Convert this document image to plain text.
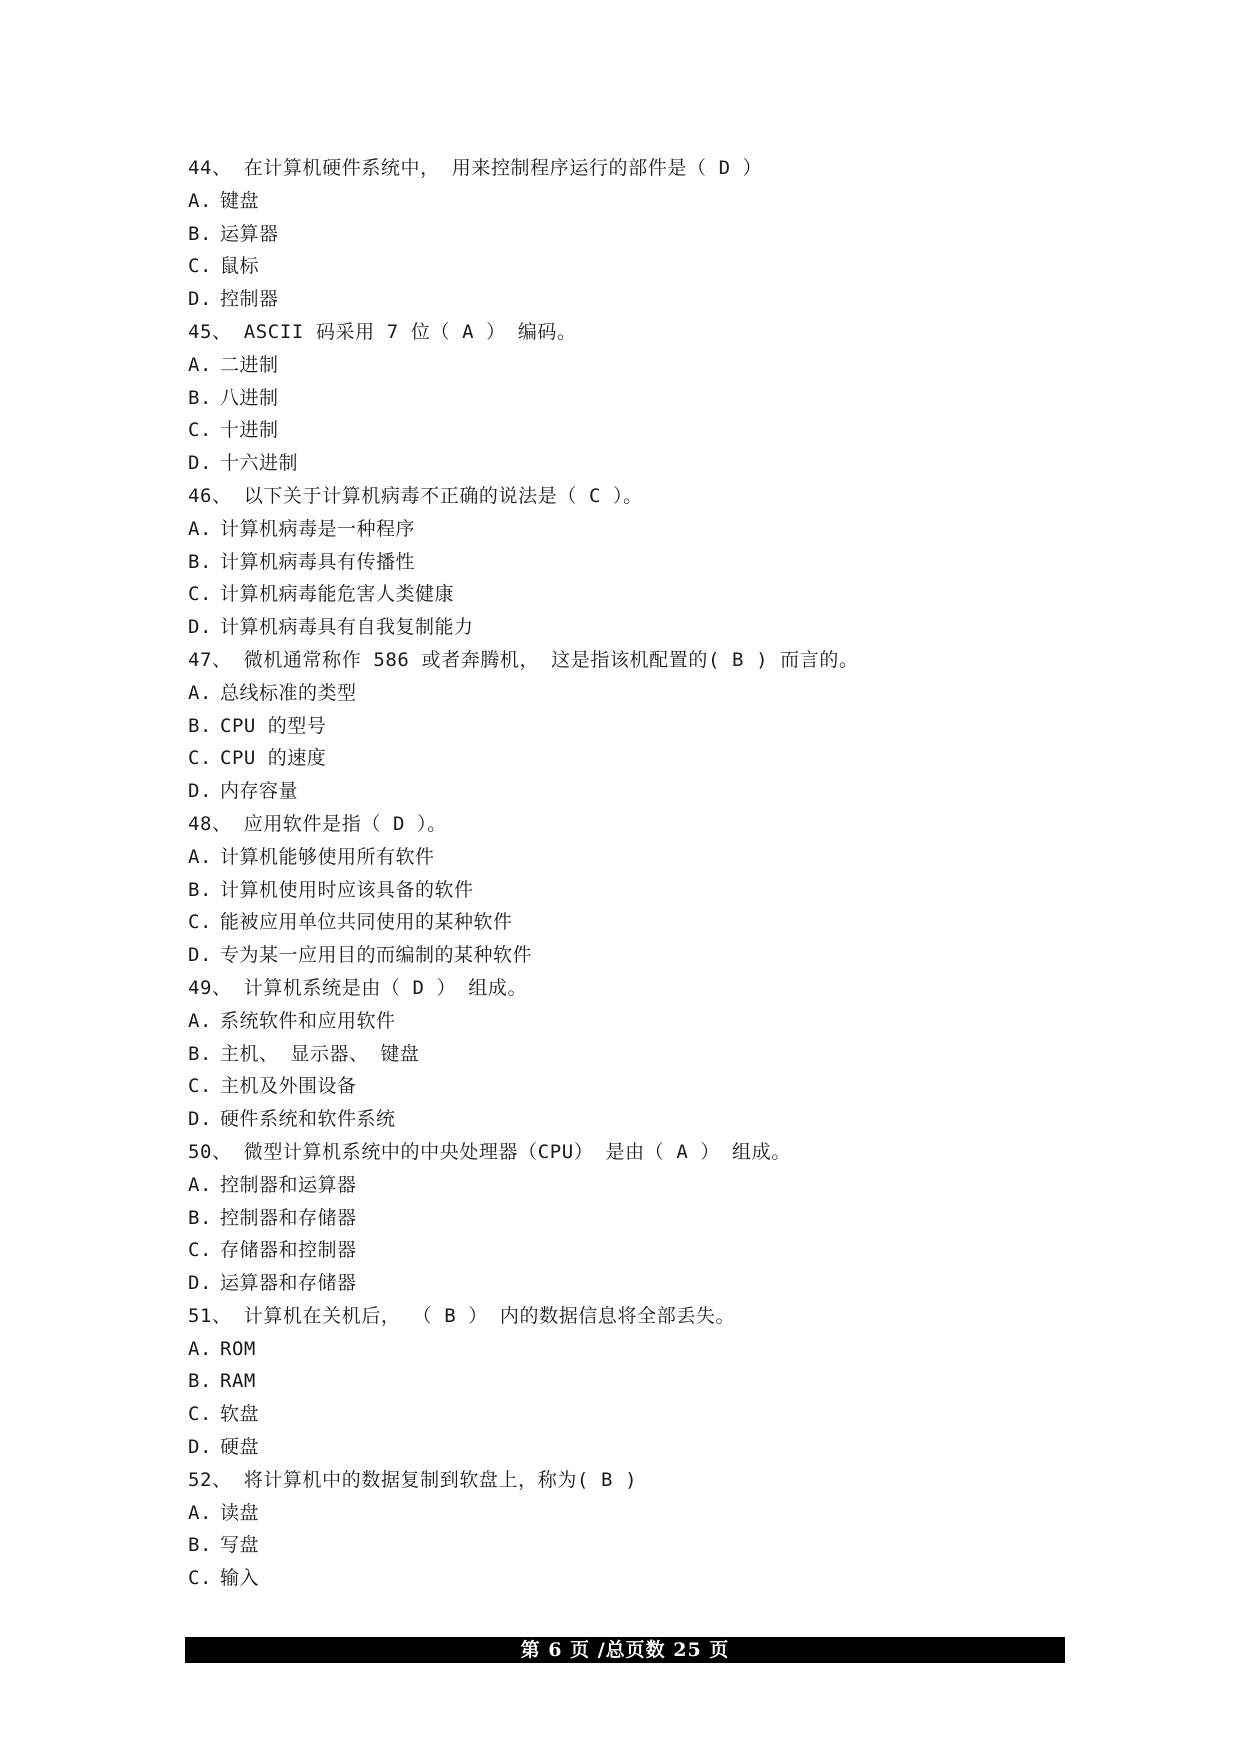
44、 在计算机硬件系统中， 用来控制程序运行的部件是（ D ）
A. 键盘
B. 运算器
C. 鼠标
D. 控制器
45、 ASCII 码采用 7 位（ A ） 编码。
A. 二进制
B. 八进制
C. 十进制
D. 十六进制
46、 以下关于计算机病毒不正确的说法是（ C ）。
A. 计算机病毒是一种程序
B. 计算机病毒具有传播性
C. 计算机病毒能危害人类健康
D. 计算机病毒具有自我复制能力
47、 微机通常称作 586 或者奔腾机， 这是指该机配置的( B ) 而言的。
A. 总线标准的类型
B. CPU 的型号
C. CPU 的速度
D. 内存容量
48、 应用软件是指（ D ）。
A. 计算机能够使用所有软件
B. 计算机使用时应该具备的软件
C. 能被应用单位共同使用的某种软件
D. 专为某一应用目的而编制的某种软件
49、 计算机系统是由（ D ） 组成。
A. 系统软件和应用软件
B. 主机、 显示器、 键盘
C. 主机及外围设备
D. 硬件系统和软件系统
50、 微型计算机系统中的中央处理器（CPU） 是由（ A ） 组成。
A. 控制器和运算器
B. 控制器和存储器
C. 存储器和控制器
D. 运算器和存储器
51、 计算机在关机后， （ B ） 内的数据信息将全部丢失。
A. ROM
B. RAM
C. 软盘
D. 硬盘
52、 将计算机中的数据复制到软盘上，称为( B )
A. 读盘
B. 写盘
C. 输入
第 6 页 /总页数 25 页
